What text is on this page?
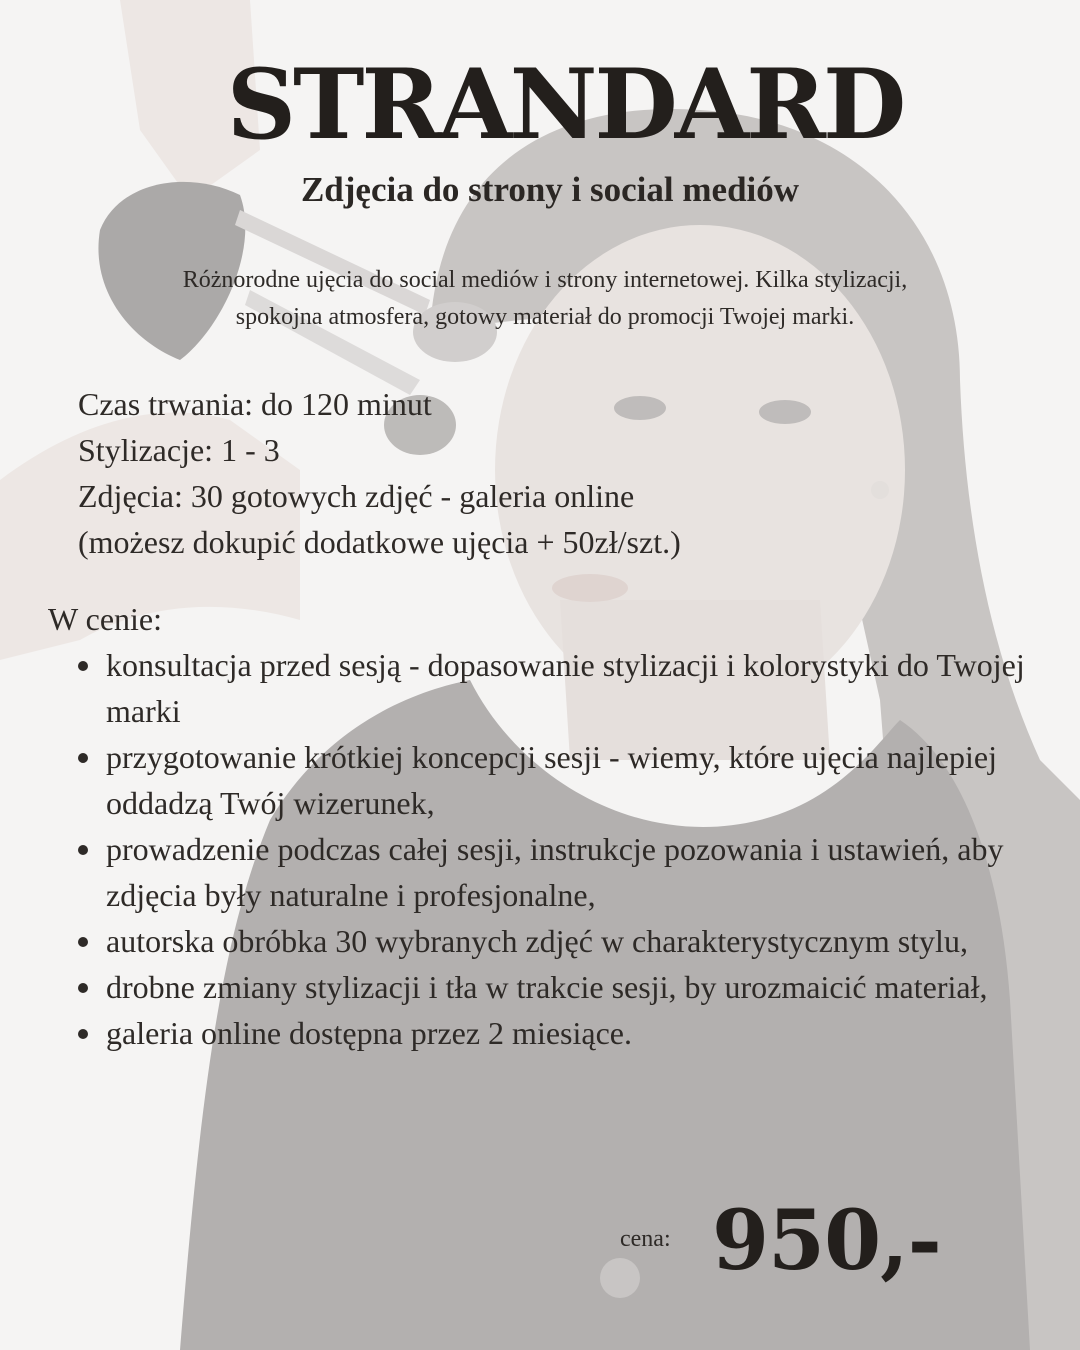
STRANDARD
Zdjęcia do strony i social mediów

Różnorodne ujęcia do social mediów i strony internetowej. Kilka stylizacji,
spokojna atmosfera, gotowy materiał do promocji Twojej marki.

Czas trwania: do 120 minut
Stylizacje: 1 - 3
Zdjęcia: 30 gotowych zdjęć - galeria online
(możesz dokupić dodatkowe ujęcia + 50zł/szt.)

W cenie:

konsultacja przed sesją - dopasowanie stylizacji i kolorystyki do Twojej marki
przygotowanie krótkiej koncepcji sesji - wiemy, które ujęcia najlepiej oddadzą Twój wizerunek,
prowadzenie podczas całej sesji, instrukcje pozowania i ustawień, aby zdjęcia były naturalne i profesjonalne,
autorska obróbka 30 wybranych zdjęć w charakterystycznym stylu,
drobne zmiany stylizacji i tła w trakcie sesji, by urozmaicić materiał,
galeria online dostępna przez 2 miesiące.
cena: 950,-
